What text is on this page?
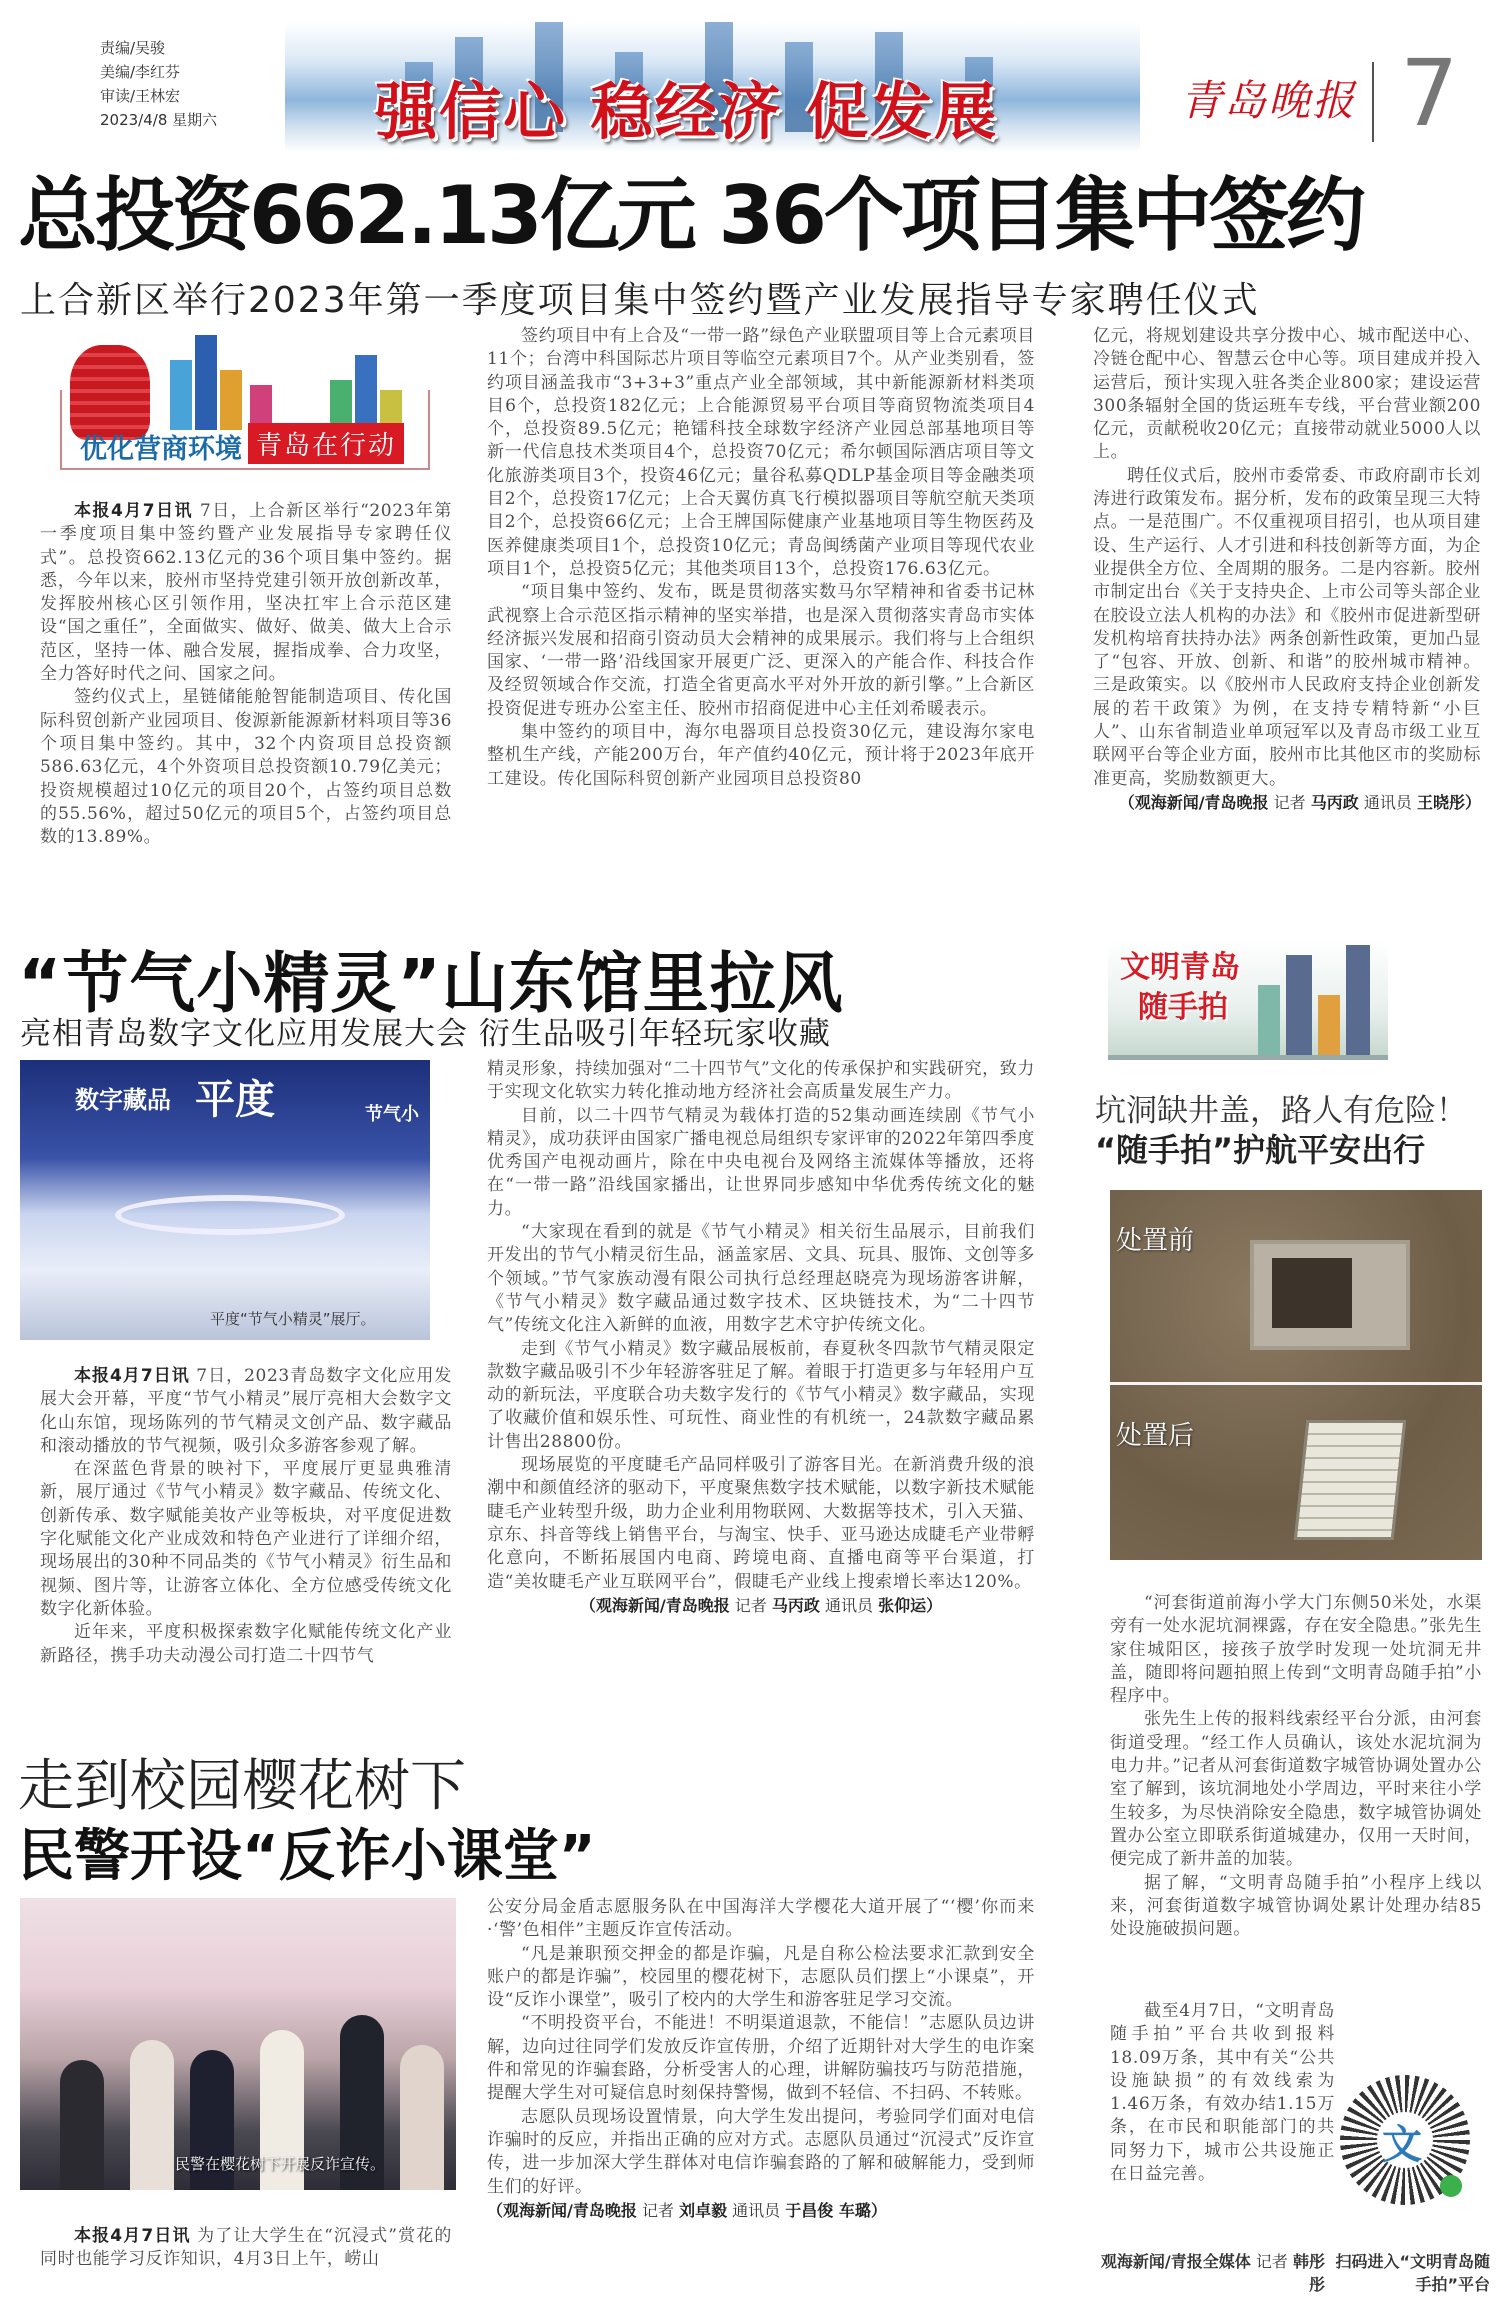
责编/吴骏
美编/李红芬
审读/王林宏
2023/4/8 星期六	强信心 稳经济 促发展	青岛晚报 7
总投资662.13亿元 36个项目集中签约
上合新区举行2023年第一季度项目集中签约暨产业发展指导专家聘任仪式
优化营商环境 青岛在行动

本报4月7日讯 7日，上合新区举行“2023年第一季度项目集中签约暨产业发展指导专家聘任仪式”。总投资662.13亿元的36个项目集中签约。据悉，今年以来，胶州市坚持党建引领开放创新改革，发挥胶州核心区引领作用，坚决扛牢上合示范区建设“国之重任”，全面做实、做好、做美、做大上合示范区，坚持一体、融合发展，握指成拳、合力攻坚，全力答好时代之问、国家之问。

签约仪式上，星链储能舱智能制造项目、传化国际科贸创新产业园项目、俊源新能源新材料项目等36个项目集中签约。其中，32个内资项目总投资额586.63亿元，4个外资项目总投资额10.79亿美元；投资规模超过10亿元的项目20个，占签约项目总数的55.56%，超过50亿元的项目5个，占签约项目总数的13.89%。

签约项目中有上合及“一带一路”绿色产业联盟项目等上合元素项目11个；台湾中科国际芯片项目等临空元素项目7个。从产业类别看，签约项目涵盖我市“3+3+3”重点产业全部领域，其中新能源新材料类项目6个，总投资182亿元；上合能源贸易平台项目等商贸物流类项目4个，总投资89.5亿元；艳镭科技全球数字经济产业园总部基地项目等新一代信息技术类项目4个，总投资70亿元；希尔顿国际酒店项目等文化旅游类项目3个，投资46亿元；量谷私募QDLP基金项目等金融类项目2个，总投资17亿元；上合天翼仿真飞行模拟器项目等航空航天类项目2个，总投资66亿元；上合王牌国际健康产业基地项目等生物医药及医养健康类项目1个，总投资10亿元；青岛闽绣菌产业项目等现代农业项目1个，总投资5亿元；其他类项目13个，总投资176.63亿元。

“项目集中签约、发布，既是贯彻落实数马尔罕精神和省委书记林武视察上合示范区指示精神的坚实举措，也是深入贯彻落实青岛市实体经济振兴发展和招商引资动员大会精神的成果展示。我们将与上合组织国家、‘一带一路’沿线国家开展更广泛、更深入的产能合作、科技合作及经贸领域合作交流，打造全省更高水平对外开放的新引擎。”上合新区投资促进专班办公室主任、胶州市招商促进中心主任刘希暖表示。

集中签约的项目中，海尔电器项目总投资30亿元，建设海尔家电整机生产线，产能200万台，年产值约40亿元，预计将于2023年底开工建设。传化国际科贸创新产业园项目总投资80

亿元，将规划建设共享分拨中心、城市配送中心、冷链仓配中心、智慧云仓中心等。项目建成并投入运营后，预计实现入驻各类企业800家；建设运营300条辐射全国的货运班车专线，平台营业额200亿元，贡献税收20亿元；直接带动就业5000人以上。

聘任仪式后，胶州市委常委、市政府副市长刘涛进行政策发布。据分析，发布的政策呈现三大特点。一是范围广。不仅重视项目招引，也从项目建设、生产运行、人才引进和科技创新等方面，为企业提供全方位、全周期的服务。二是内容新。胶州市制定出台《关于支持央企、上市公司等头部企业在胶设立法人机构的办法》和《胶州市促进新型研发机构培育扶持办法》两条创新性政策，更加凸显了“包容、开放、创新、和谐”的胶州城市精神。三是政策实。以《胶州市人民政府支持企业创新发展的若干政策》为例，在支持专精特新“小巨人”、山东省制造业单项冠军以及青岛市级工业互联网平台等企业方面，胶州市比其他区市的奖励标准更高，奖励数额更大。

（观海新闻/青岛晚报 记者 马丙政 通讯员 王晓彤）
“节气小精灵”山东馆里拉风
亮相青岛数字文化应用发展大会 衍生品吸引年轻玩家收藏
数字藏品 平度	节气小
平度“节气小精灵”展厅。

本报4月7日讯 7日，2023青岛数字文化应用发展大会开幕，平度“节气小精灵”展厅亮相大会数字文化山东馆，现场陈列的节气精灵文创产品、数字藏品和滚动播放的节气视频，吸引众多游客参观了解。

在深蓝色背景的映衬下，平度展厅更显典雅清新，展厅通过《节气小精灵》数字藏品、传统文化、创新传承、数字赋能美妆产业等板块，对平度促进数字化赋能文化产业成效和特色产业进行了详细介绍，现场展出的30种不同品类的《节气小精灵》衍生品和视频、图片等，让游客立体化、全方位感受传统文化数字化新体验。

近年来，平度积极探索数字化赋能传统文化产业新路径，携手功夫动漫公司打造二十四节气

精灵形象，持续加强对“二十四节气”文化的传承保护和实践研究，致力于实现文化软实力转化推动地方经济社会高质量发展生产力。

目前，以二十四节气精灵为载体打造的52集动画连续剧《节气小精灵》，成功获评由国家广播电视总局组织专家评审的2022年第四季度优秀国产电视动画片，除在中央电视台及网络主流媒体等播放，还将在“一带一路”沿线国家播出，让世界同步感知中华优秀传统文化的魅力。

“大家现在看到的就是《节气小精灵》相关衍生品展示，目前我们开发出的节气小精灵衍生品，涵盖家居、文具、玩具、服饰、文创等多个领域。”节气家族动漫有限公司执行总经理赵晓亮为现场游客讲解，《节气小精灵》数字藏品通过数字技术、区块链技术，为“二十四节气”传统文化注入新鲜的血液，用数字艺术守护传统文化。

走到《节气小精灵》数字藏品展板前，春夏秋冬四款节气精灵限定款数字藏品吸引不少年轻游客驻足了解。着眼于打造更多与年轻用户互动的新玩法，平度联合功夫数字发行的《节气小精灵》数字藏品，实现了收藏价值和娱乐性、可玩性、商业性的有机统一，24款数字藏品累计售出28800份。

现场展览的平度睫毛产品同样吸引了游客目光。在新消费升级的浪潮中和颜值经济的驱动下，平度聚焦数字技术赋能，以数字新技术赋能睫毛产业转型升级，助力企业利用物联网、大数据等技术，引入天猫、京东、抖音等线上销售平台，与淘宝、快手、亚马逊达成睫毛产业带孵化意向，不断拓展国内电商、跨境电商、直播电商等平台渠道，打造“美妆睫毛产业互联网平台”，假睫毛产业线上搜索增长率达120%。

（观海新闻/青岛晚报 记者 马丙政 通讯员 张仰运）
文明青岛
随手拍
坑洞缺井盖，路人有危险！
“随手拍”护航平安出行
处置前
处置后

“河套街道前海小学大门东侧50米处，水渠旁有一处水泥坑洞裸露，存在安全隐患。”张先生家住城阳区，接孩子放学时发现一处坑洞无井盖，随即将问题拍照上传到“文明青岛随手拍”小程序中。

张先生上传的报料线索经平台分派，由河套街道受理。“经工作人员确认，该处水泥坑洞为电力井。”记者从河套街道数字城管协调处置办公室了解到，该坑洞地处小学周边，平时来往小学生较多，为尽快消除安全隐患，数字城管协调处置办公室立即联系街道城建办，仅用一天时间，便完成了新井盖的加装。

据了解，“文明青岛随手拍”小程序上线以来，河套街道数字城管协调处累计处理办结85处设施破损问题。

截至4月7日，“文明青岛随手拍”平台共收到报料18.09万条，其中有关“公共设施缺损”的有效线索为1.46万条，有效办结1.15万条，在市民和职能部门的共同努力下，城市公共设施正在日益完善。

文
观海新闻/青报全媒体 记者 韩彤彤
扫码进入“文明青岛随手拍”平台
走到校园樱花树下
民警开设“反诈小课堂”
民警在樱花树下开展反诈宣传。

本报4月7日讯 为了让大学生在“沉浸式”赏花的同时也能学习反诈知识，4月3日上午，崂山

公安分局金盾志愿服务队在中国海洋大学樱花大道开展了“‘樱’你而来·‘警’色相伴”主题反诈宣传活动。

“凡是兼职预交押金的都是诈骗，凡是自称公检法要求汇款到安全账户的都是诈骗”，校园里的樱花树下，志愿队员们摆上“小课桌”，开设“反诈小课堂”，吸引了校内的大学生和游客驻足学习交流。

“不明投资平台，不能进！不明渠道退款，不能信！”志愿队员边讲解，边向过往同学们发放反诈宣传册，介绍了近期针对大学生的电诈案件和常见的诈骗套路，分析受害人的心理，讲解防骗技巧与防范措施，提醒大学生对可疑信息时刻保持警惕，做到不轻信、不扫码、不转账。

志愿队员现场设置情景，向大学生发出提问，考验同学们面对电信诈骗时的反应，并指出正确的应对方式。志愿队员通过“沉浸式”反诈宣传，进一步加深大学生群体对电信诈骗套路的了解和破解能力，受到师生们的好评。

（观海新闻/青岛晚报 记者 刘卓毅 通讯员 于昌俊 车璐）
